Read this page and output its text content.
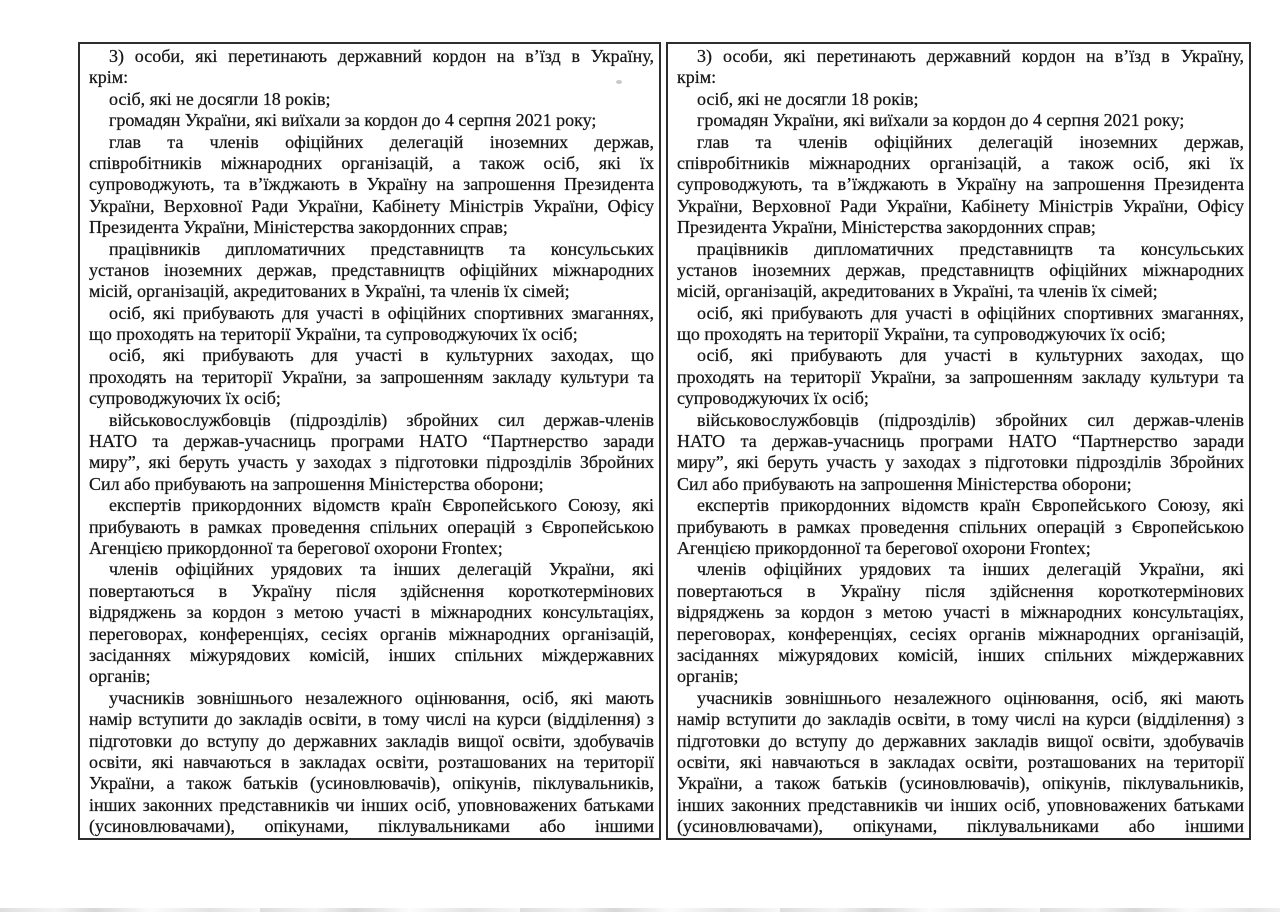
3) особи, які перетинають державний кордон на в’їзд в Україну,
крім:
осіб, які не досягли 18 років;
громадян України, які виїхали за кордон до 4 серпня 2021 року;
глав та членів офіційних делегацій іноземних держав,
співробітників міжнародних організацій, а також осіб, які їх
супроводжують, та в’їжджають в Україну на запрошення Президента
України, Верховної Ради України, Кабінету Міністрів України, Офісу
Президента України, Міністерства закордонних справ;
працівників дипломатичних представництв та консульських
установ іноземних держав, представництв офіційних міжнародних
місій, організацій, акредитованих в Україні, та членів їх сімей;
осіб, які прибувають для участі в офіційних спортивних змаганнях,
що проходять на території України, та супроводжуючих їх осіб;
осіб, які прибувають для участі в культурних заходах, що
проходять на території України, за запрошенням закладу культури та
супроводжуючих їх осіб;
військовослужбовців (підрозділів) збройних сил держав-членів
НАТО та держав-учасниць програми НАТО “Партнерство заради
миру”, які беруть участь у заходах з підготовки підрозділів Збройних
Сил або прибувають на запрошення Міністерства оборони;
експертів прикордонних відомств країн Європейського Союзу, які
прибувають в рамках проведення спільних операцій з Європейською
Агенцією прикордонної та берегової охорони Frontex;
членів офіційних урядових та інших делегацій України, які
повертаються в Україну після здійснення короткотермінових
відряджень за кордон з метою участі в міжнародних консультаціях,
переговорах, конференціях, сесіях органів міжнародних організацій,
засіданнях міжурядових комісій, інших спільних міждержавних
органів;
учасників зовнішнього незалежного оцінювання, осіб, які мають
намір вступити до закладів освіти, в тому числі на курси (відділення) з
підготовки до вступу до державних закладів вищої освіти, здобувачів
освіти, які навчаються в закладах освіти, розташованих на території
України, а також батьків (усиновлювачів), опікунів, піклувальників,
інших законних представників чи інших осіб, уповноважених батьками
(усиновлювачами), опікунами, піклувальниками або іншими
3) особи, які перетинають державний кордон на в’їзд в Україну,
крім:
осіб, які не досягли 18 років;
громадян України, які виїхали за кордон до 4 серпня 2021 року;
глав та членів офіційних делегацій іноземних держав,
співробітників міжнародних організацій, а також осіб, які їх
супроводжують, та в’їжджають в Україну на запрошення Президента
України, Верховної Ради України, Кабінету Міністрів України, Офісу
Президента України, Міністерства закордонних справ;
працівників дипломатичних представництв та консульських
установ іноземних держав, представництв офіційних міжнародних
місій, організацій, акредитованих в Україні, та членів їх сімей;
осіб, які прибувають для участі в офіційних спортивних змаганнях,
що проходять на території України, та супроводжуючих їх осіб;
осіб, які прибувають для участі в культурних заходах, що
проходять на території України, за запрошенням закладу культури та
супроводжуючих їх осіб;
військовослужбовців (підрозділів) збройних сил держав-членів
НАТО та держав-учасниць програми НАТО “Партнерство заради
миру”, які беруть участь у заходах з підготовки підрозділів Збройних
Сил або прибувають на запрошення Міністерства оборони;
експертів прикордонних відомств країн Європейського Союзу, які
прибувають в рамках проведення спільних операцій з Європейською
Агенцією прикордонної та берегової охорони Frontex;
членів офіційних урядових та інших делегацій України, які
повертаються в Україну після здійснення короткотермінових
відряджень за кордон з метою участі в міжнародних консультаціях,
переговорах, конференціях, сесіях органів міжнародних організацій,
засіданнях міжурядових комісій, інших спільних міждержавних
органів;
учасників зовнішнього незалежного оцінювання, осіб, які мають
намір вступити до закладів освіти, в тому числі на курси (відділення) з
підготовки до вступу до державних закладів вищої освіти, здобувачів
освіти, які навчаються в закладах освіти, розташованих на території
України, а також батьків (усиновлювачів), опікунів, піклувальників,
інших законних представників чи інших осіб, уповноважених батьками
(усиновлювачами), опікунами, піклувальниками або іншими
